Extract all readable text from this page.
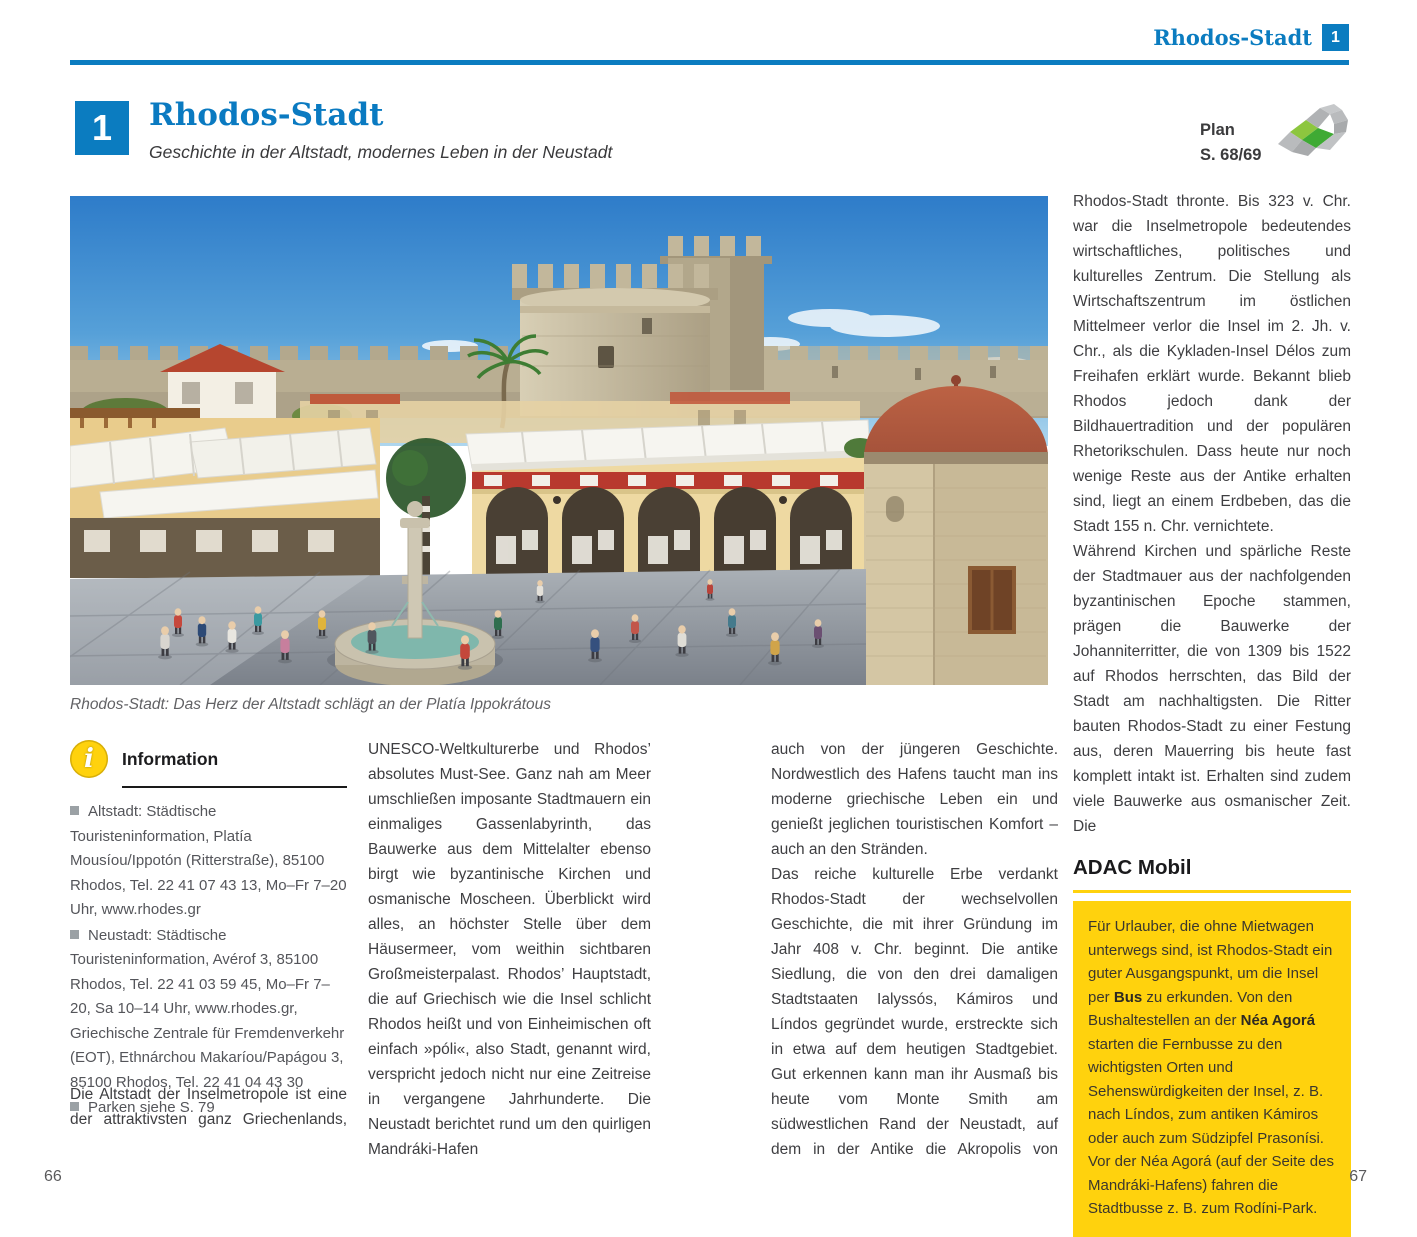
Rhodos-Stadt	1
1	Rhodos-Stadt
Geschichte in der Altstadt, modernes Leben in der Neustadt
Plan
S. 68/69
Rhodos-Stadt: Das Herz der Altstadt schlägt an der Platía Ippokrátous
i	Information

Altstadt: Städtische Touristeninformation, Platía Mousíou/Ippotón (Ritterstraße), 85100 Rhodos, Tel. 22 41 07 43 13, Mo–Fr 7–20 Uhr, www.rhodes.gr

Neustadt: Städtische Touristeninformation, Avérof 3, 85100 Rhodos, Tel. 22 41 03 59 45, Mo–Fr 7–20, Sa 10–14 Uhr, www.rhodes.gr, Griechische Zentrale für Fremdenverkehr (EOT), Ethnárchou Makaríou/Papágou 3, 85100 Rhodos, Tel. 22 41 04 43 30

Parken siehe S. 79

Die Altstadt der Inselmetropole ist eine der attraktivsten ganz Griechenlands,

UNESCO-Weltkulturerbe und Rhodos’ absolutes Must-See. Ganz nah am Meer umschließen imposante Stadtmauern ein einmaliges Gassenlabyrinth, das Bauwerke aus dem Mittelalter ebenso birgt wie byzantinische Kirchen und osmanische Moscheen. Überblickt wird alles, an höchster Stelle über dem Häusermeer, vom weithin sichtbaren Großmeisterpalast. Rhodos’ Hauptstadt, die auf Griechisch wie die Insel schlicht Rhodos heißt und von Einheimischen oft einfach »póli«, also Stadt, genannt wird, verspricht jedoch nicht nur eine Zeitreise in vergangene Jahrhunderte. Die Neustadt berichtet rund um den quirligen Mandráki-Hafen

auch von der jüngeren Geschichte. Nordwestlich des Hafens taucht man ins moderne griechische Leben ein und genießt jeglichen touristischen Komfort – auch an den Stränden.

Das reiche kulturelle Erbe verdankt Rhodos-Stadt der wechselvollen Geschichte, die mit ihrer Gründung im Jahr 408 v. Chr. beginnt. Die antike Siedlung, die von den drei damaligen Stadtstaaten Ialyssós, Kámiros und Líndos gegründet wurde, erstreckte sich in etwa auf dem heutigen Stadtgebiet. Gut erkennen kann man ihr Ausmaß bis heute vom Monte Smith am südwestlichen Rand der Neustadt, auf dem in der Antike die Akropolis von

Rhodos-Stadt thronte. Bis 323 v. Chr. war die Inselmetropole bedeutendes wirtschaftliches, politisches und kulturelles Zentrum. Die Stellung als Wirtschaftszentrum im östlichen Mittelmeer verlor die Insel im 2. Jh. v. Chr., als die Kykladen-Insel Délos zum Freihafen erklärt wurde. Bekannt blieb Rhodos jedoch dank der Bildhauertradition und der populären Rhetorikschulen. Dass heute nur noch wenige Reste aus der Antike erhalten sind, liegt an einem Erdbeben, das die Stadt 155 n. Chr. vernichtete.

Während Kirchen und spärliche Reste der Stadtmauer aus der nachfolgenden byzantinischen Epoche stammen, prägen die Bauwerke der Johanniterritter, die von 1309 bis 1522 auf Rhodos herrschten, das Bild der Stadt am nachhaltigsten. Die Ritter bauten Rhodos-Stadt zu einer Festung aus, deren Mauerring bis heute fast komplett intakt ist. Erhalten sind zudem viele Bauwerke aus osmanischer Zeit. Die

ADAC Mobil
Für Urlauber, die ohne Mietwagen unterwegs sind, ist Rhodos-Stadt ein guter Ausgangspunkt, um die Insel per Bus zu erkunden. Von den Bushaltestellen an der Néa Agorá starten die Fernbusse zu den wichtigsten Orten und Sehenswürdigkeiten der Insel, z. B. nach Líndos, zum antiken Kámiros oder auch zum Südzipfel Prasonísi. Vor der Néa Agorá (auf der Seite des Mandráki-Hafens) fahren die Stadtbusse z. B. zum Rodíni-Park.
66	67
